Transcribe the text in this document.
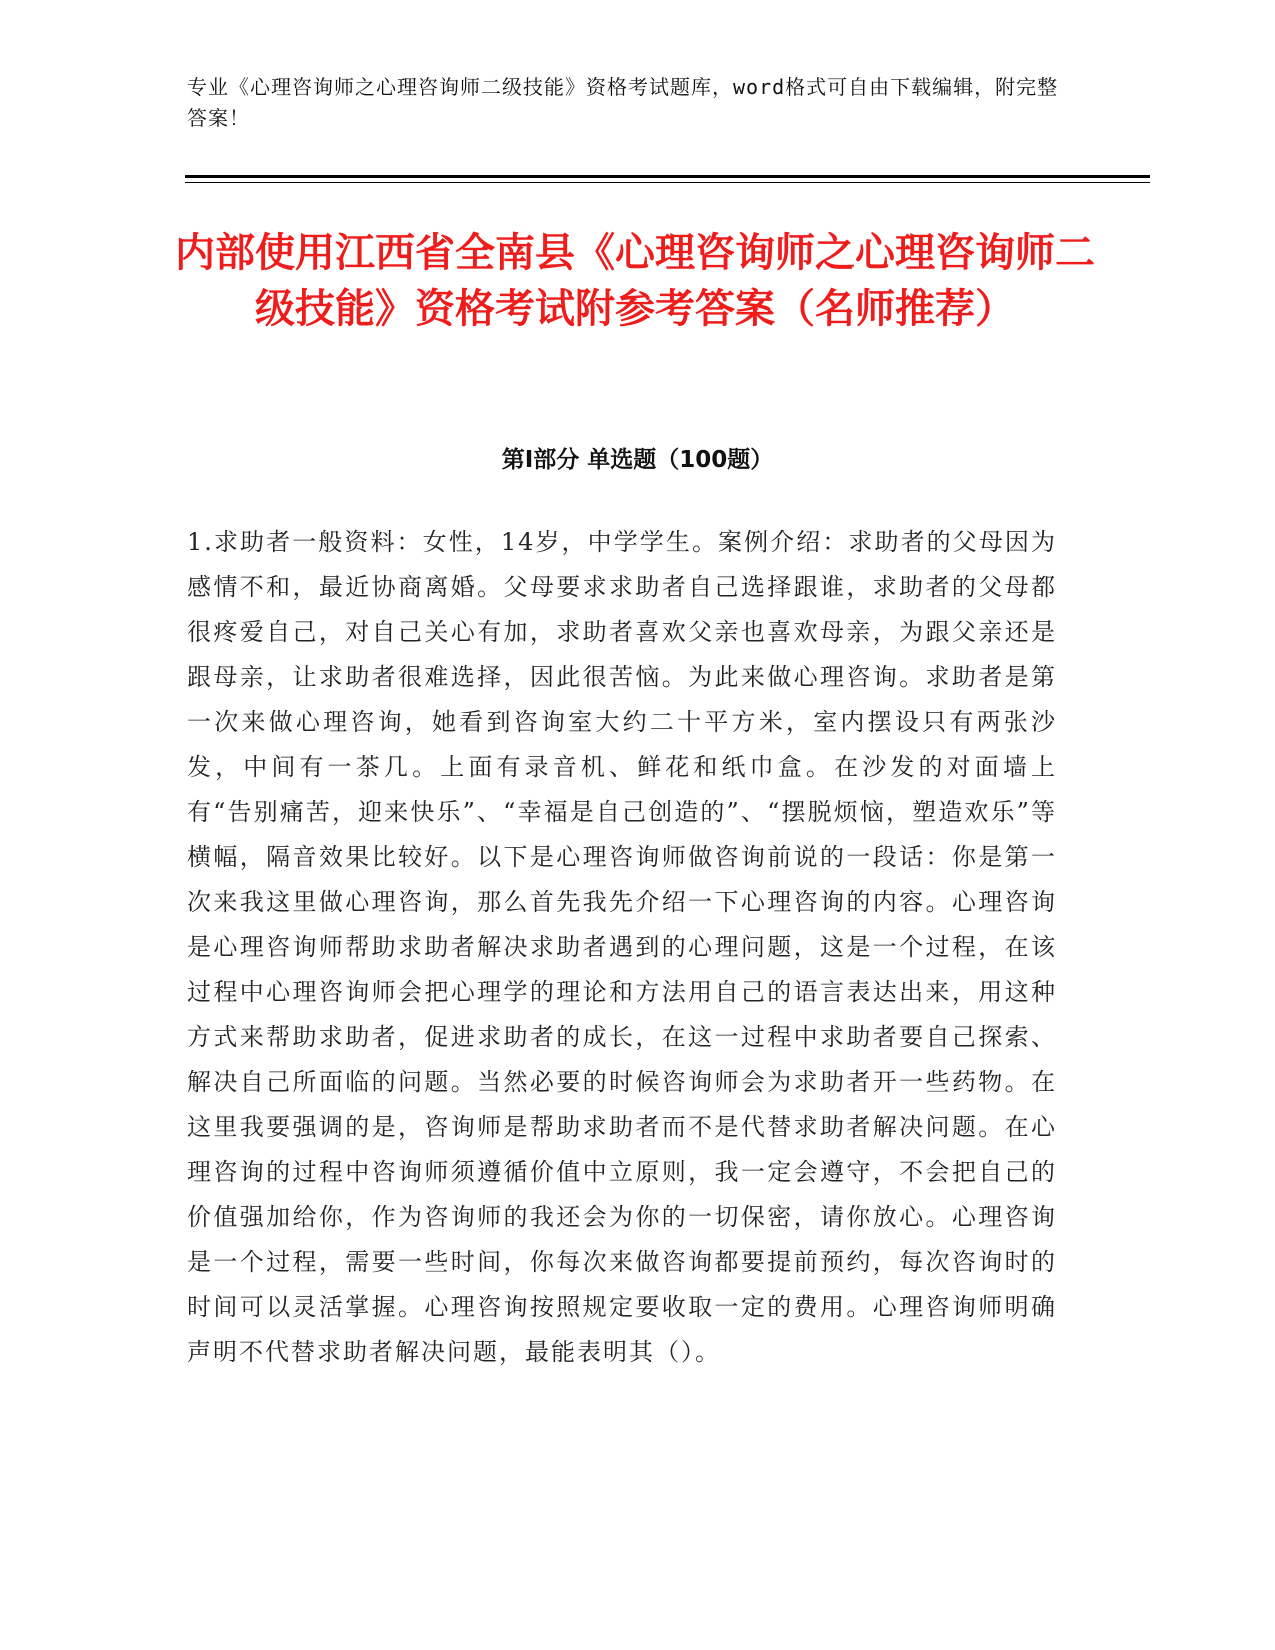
专业《心理咨询师之心理咨询师二级技能》资格考试题库，word格式可自由下载编辑，附完整答案！
内部使用江西省全南县《心理咨询师之心理咨询师二级技能》资格考试附参考答案（名师推荐）
第Ⅰ部分 单选题（100题）
1.求助者一般资料：女性，14岁，中学学生。案例介绍：求助者的父母因为感情不和，最近协商离婚。父母要求求助者自己选择跟谁，求助者的父母都很疼爱自己，对自己关心有加，求助者喜欢父亲也喜欢母亲，为跟父亲还是跟母亲，让求助者很难选择，因此很苦恼。为此来做心理咨询。求助者是第一次来做心理咨询，她看到咨询室大约二十平方米，室内摆设只有两张沙发，中间有一茶几。上面有录音机、鲜花和纸巾盒。在沙发的对面墙上有“告别痛苦，迎来快乐”、“幸福是自己创造的”、“摆脱烦恼，塑造欢乐”等横幅，隔音效果比较好。以下是心理咨询师做咨询前说的一段话：你是第一次来我这里做心理咨询，那么首先我先介绍一下心理咨询的内容。心理咨询是心理咨询师帮助求助者解决求助者遇到的心理问题，这是一个过程，在该过程中心理咨询师会把心理学的理论和方法用自己的语言表达出来，用这种方式来帮助求助者，促进求助者的成长，在这一过程中求助者要自己探索、解决自己所面临的问题。当然必要的时候咨询师会为求助者开一些药物。在这里我要强调的是，咨询师是帮助求助者而不是代替求助者解决问题。在心理咨询的过程中咨询师须遵循价值中立原则，我一定会遵守，不会把自己的价值强加给你，作为咨询师的我还会为你的一切保密，请你放心。心理咨询是一个过程，需要一些时间，你每次来做咨询都要提前预约，每次咨询时的时间可以灵活掌握。心理咨询按照规定要收取一定的费用。心理咨询师明确声明不代替求助者解决问题，最能表明其（）。
